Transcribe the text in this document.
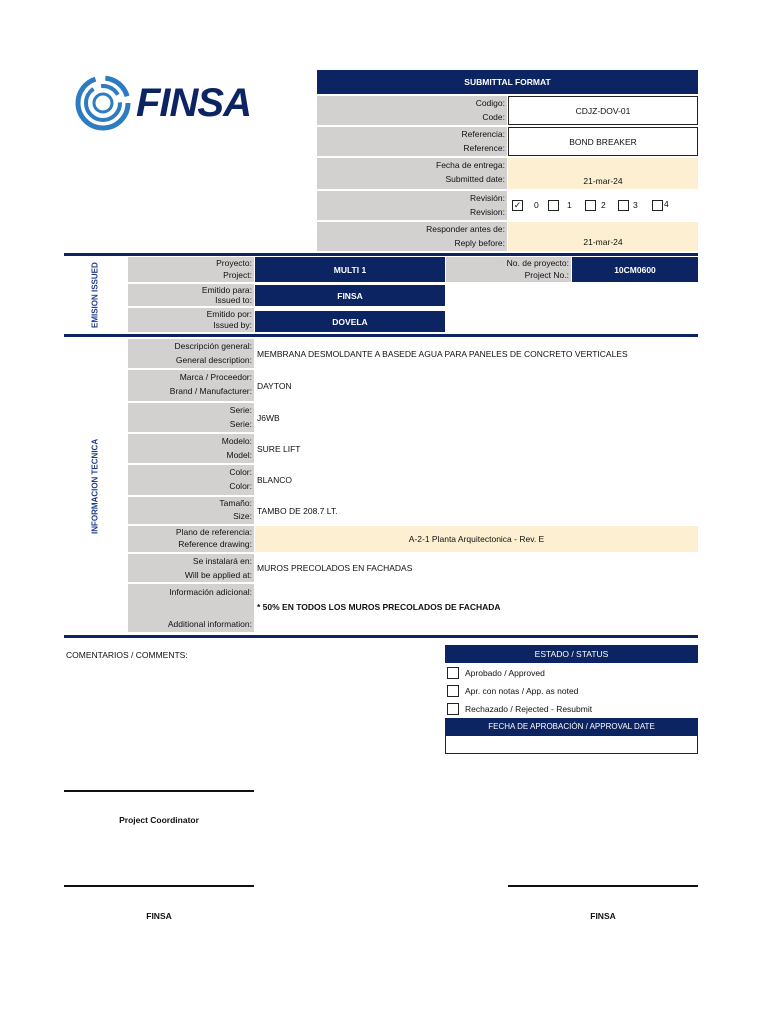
FINSA	SUBMITTAL FORMAT
Codigo:
Code:
CDJZ-DOV-01
Referencia:
Reference:
BOND BREAKER
Fecha de entrega:
Submitted date:	21-mar-24
Revisión:
Revision:
✓ 0	1	2	3	4
Responder antes de:
Reply before:	21-mar-24
EMISION ISSUED	Proyecto:
Project:
MULTI 1
No. de proyecto:
Project No.:
10CM0600
Emitido para:
Issued to:	FINSA
Emitido por:
Issued by:	DOVELA
INFORMACION TECNICA
Descripción general:
General description:
MEMBRANA DESMOLDANTE A BASEDE AGUA PARA PANELES DE CONCRETO VERTICALES
Marca / Proceedor:
Brand / Manufacturer:
DAYTON
Serie:
Serie:
J6WB
Modelo:
Model:
SURE LIFT
Color:
Color:
BLANCO
Tamaño:
Size:
TAMBO DE 208.7 LT.
Plano de referencia:
Reference drawing:	A-2-1 Planta Arquitectonica - Rev. E
Se instalará en:
Will be applied at:
MUROS PRECOLADOS EN FACHADAS
Información adicional:
Additional information:
* 50% EN TODOS LOS MUROS PRECOLADOS DE FACHADA
COMENTARIOS / COMMENTS:	ESTADO / STATUS
Aprobado / Approved
Apr. con notas / App. as noted
Rechazado / Rejected - Resubmit
FECHA DE APROBACIÓN / APPROVAL DATE
Project Coordinator
FINSA	FINSA
